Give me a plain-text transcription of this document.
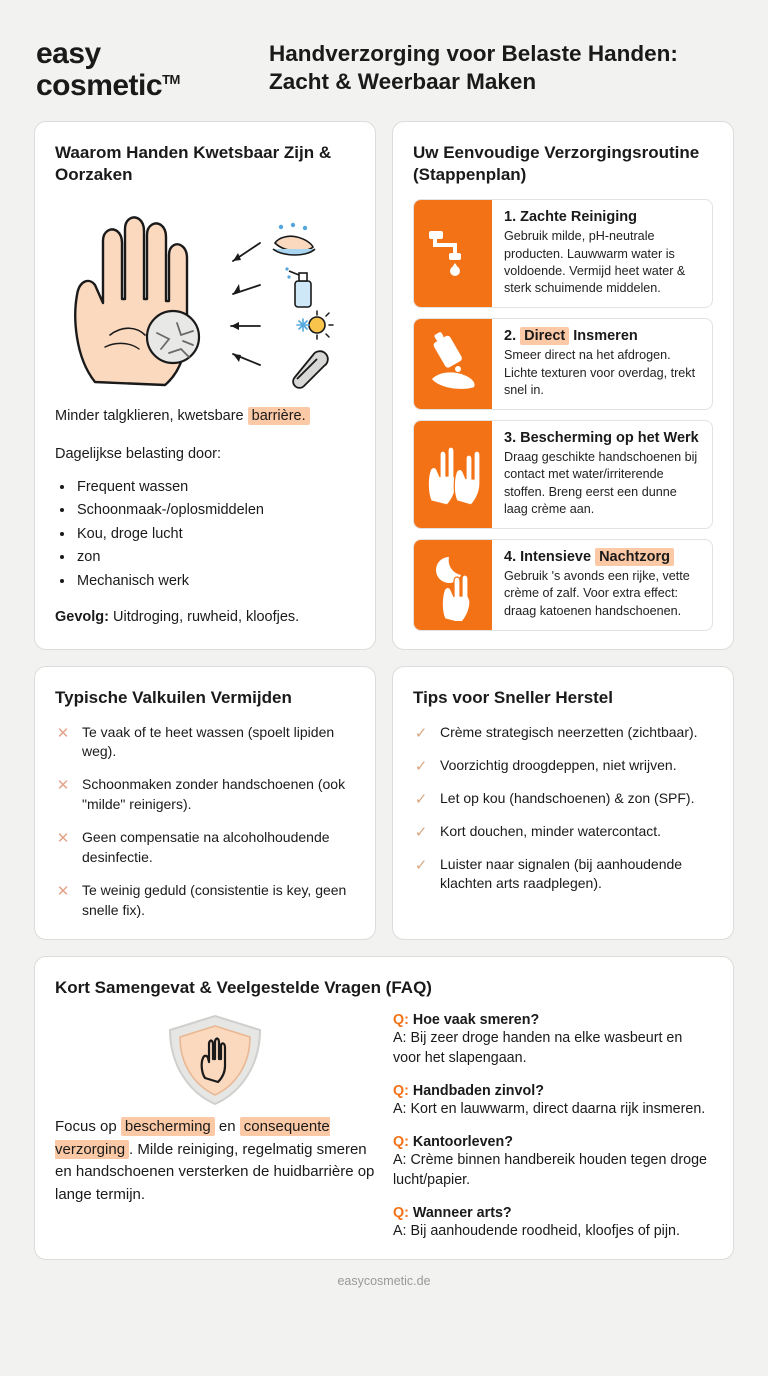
easy
cosmetic™
Handverzorging voor Belaste Handen: Zacht & Weerbaar Maken
Waarom Handen Kwetsbaar Zijn & Oorzaken
Minder talgklieren, kwetsbare barrière.
Dagelijkse belasting door:
• Frequent wassen
• Schoonmaak-/oplosmiddelen
• Kou, droge lucht
• zon
• Mechanisch werk
Gevolg: Uitdroging, ruwheid, kloofjes.
Uw Eenvoudige Verzorgingsroutine (Stappenplan)
1. Zachte Reiniging
Gebruik milde, pH-neutrale producten. Lauwwarm water is voldoende. Vermijd heet water & sterk schuimende middelen.
2. Direct Insmeren
Smeer direct na het afdrogen. Lichte texturen voor overdag, trekt snel in.
3. Bescherming op het Werk
Draag geschikte handschoenen bij contact met water/irriterende stoffen. Breng eerst een dunne laag crème aan.
4. Intensieve Nachtzorg
Gebruik 's avonds een rijke, vette crème of zalf. Voor extra effect: draag katoenen handschoenen.
Typische Valkuilen Vermijden
✕ Te vaak of te heet wassen (spoelt lipiden weg).
✕ Schoonmaken zonder handschoenen (ook "milde" reinigers).
✕ Geen compensatie na alcoholhoudende desinfectie.
✕ Te weinig geduld (consistentie is key, geen snelle fix).
Tips voor Sneller Herstel
✓ Crème strategisch neerzetten (zichtbaar).
✓ Voorzichtig droogdeppen, niet wrijven.
✓ Let op kou (handschoenen) & zon (SPF).
✓ Kort douchen, minder watercontact.
✓ Luister naar signalen (bij aanhoudende klachten arts raadplegen).
Kort Samengevat & Veelgestelde Vragen (FAQ)
Focus op bescherming en consequente verzorging . Milde reiniging, regelmatig smeren en handschoenen versterken de huidbarrière op lange termijn.
Q: Hoe vaak smeren?
A: Bij zeer droge handen na elke wasbeurt en voor het slapengaan.
Q: Handbaden zinvol?
A: Kort en lauwwarm, direct daarna rijk insmeren.
Q: Kantoorleven?
A: Crème binnen handbereik houden tegen droge lucht/papier.
Q: Wanneer arts?
A: Bij aanhoudende roodheid, kloofjes of pijn.
easycosmetic.de
